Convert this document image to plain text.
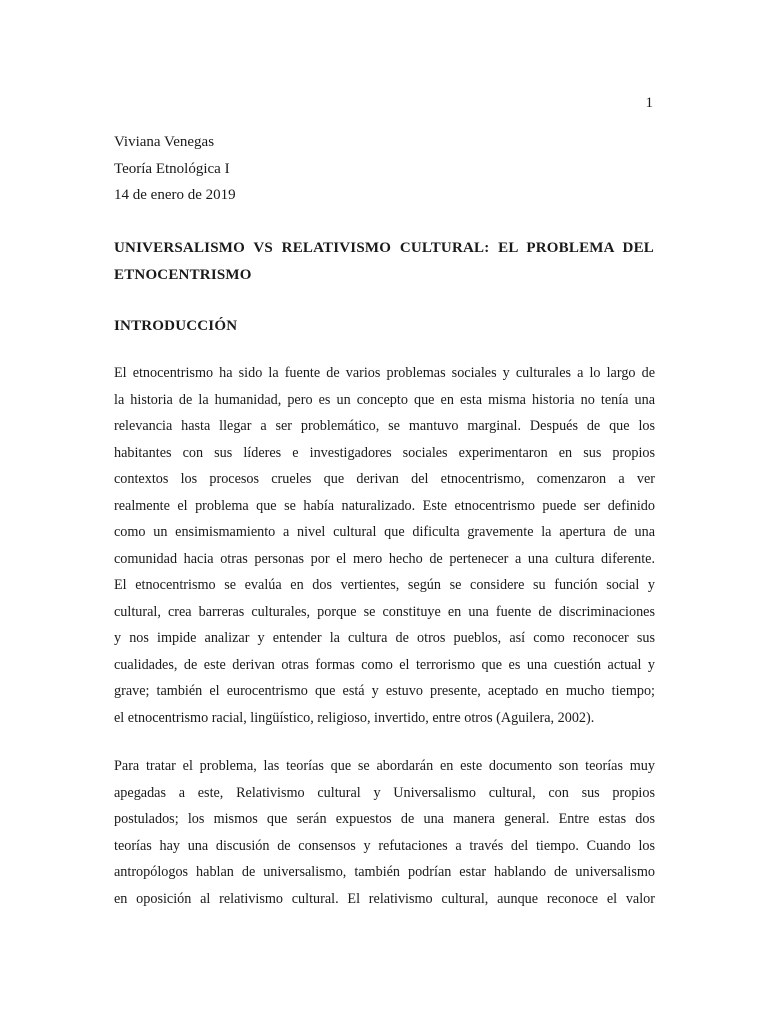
1
Viviana Venegas
Teoría Etnológica I
14 de enero de 2019
UNIVERSALISMO VS RELATIVISMO CULTURAL: EL PROBLEMA DEL
ETNOCENTRISMO
INTRODUCCIÓN
El etnocentrismo ha sido la fuente de varios problemas sociales y culturales a lo largo de
la historia de la humanidad, pero es un concepto que en esta misma historia no tenía una
relevancia hasta llegar a ser problemático, se mantuvo marginal. Después de que los
habitantes con sus líderes e investigadores sociales experimentaron en sus propios
contextos los procesos crueles que derivan del etnocentrismo, comenzaron a ver
realmente el problema que se había naturalizado. Este etnocentrismo puede ser definido
como un ensimismamiento a nivel cultural que dificulta gravemente la apertura de una
comunidad hacia otras personas por el mero hecho de pertenecer a una cultura diferente.
El etnocentrismo se evalúa en dos vertientes, según se considere su función social y
cultural, crea barreras culturales, porque se constituye en una fuente de discriminaciones
y nos impide analizar y entender la cultura de otros pueblos, así como reconocer sus
cualidades, de este derivan otras formas como el terrorismo que es una cuestión actual y
grave; también el eurocentrismo que está y estuvo presente, aceptado en mucho tiempo;
el etnocentrismo racial, lingüístico, religioso, invertido, entre otros (Aguilera, 2002).
Para tratar el problema, las teorías que se abordarán en este documento son teorías muy
apegadas a este, Relativismo cultural y Universalismo cultural, con sus propios
postulados; los mismos que serán expuestos de una manera general. Entre estas dos
teorías hay una discusión de consensos y refutaciones a través del tiempo. Cuando los
antropólogos hablan de universalismo, también podrían estar hablando de universalismo
en oposición al relativismo cultural. El relativismo cultural, aunque reconoce el valor
